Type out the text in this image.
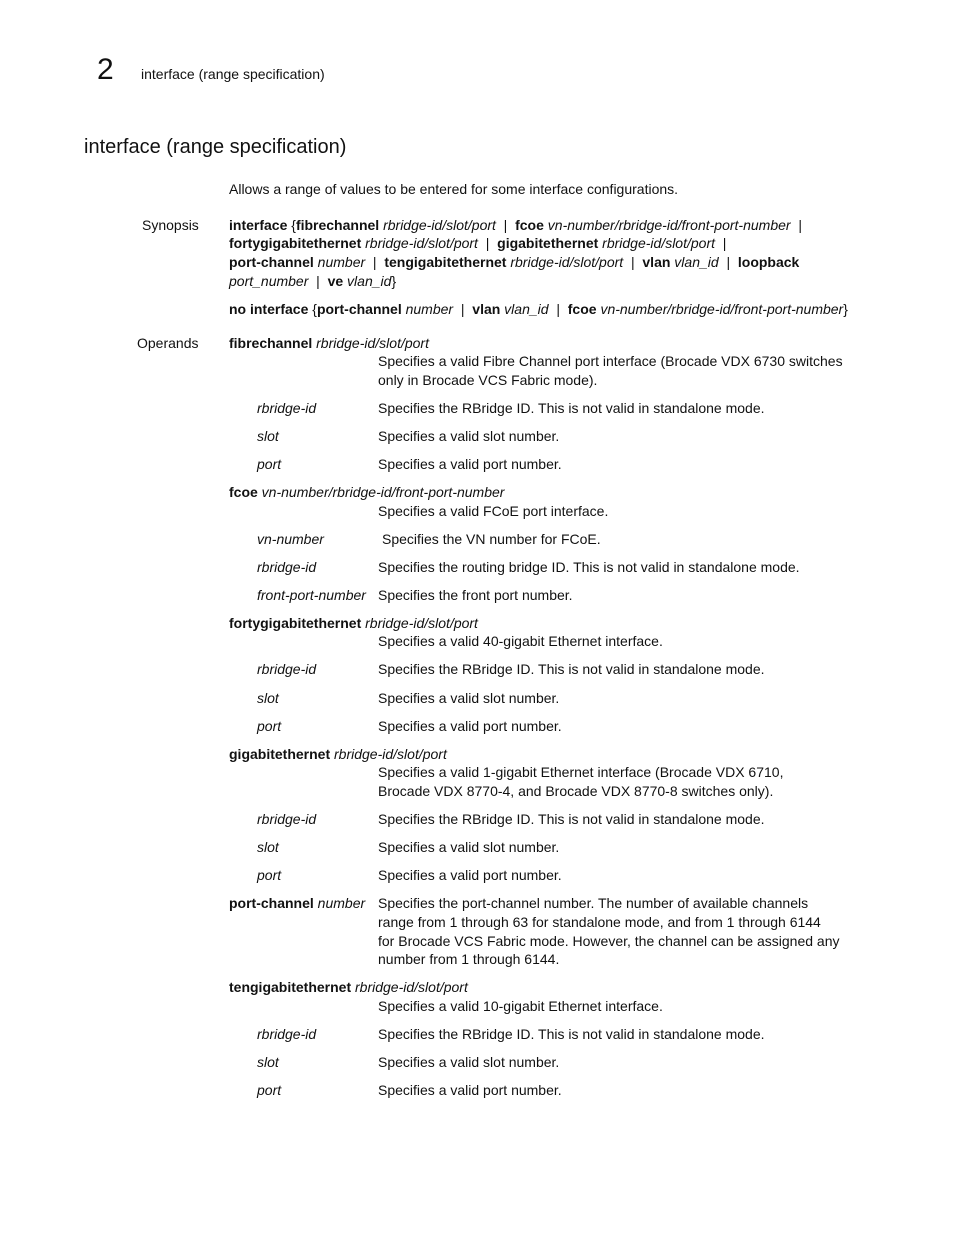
2 interface (range specification)
interface (range specification)
Allows a range of values to be entered for some interface configurations.
Synopsis interface {fibrechannel rbridge-id/slot/port  |  fcoe vn-number/rbridge-id/front-port-number  |
fortygigabitethernet rbridge-id/slot/port  |  gigabitethernet rbridge-id/slot/port  |
port-channel number  |  tengigabitethernet rbridge-id/slot/port  |  vlan vlan_id  |  loopback
port_number  |  ve vlan_id}
no interface {port-channel number  |  vlan vlan_id  |  fcoe vn-number/rbridge-id/front-port-number}
Operands fibrechannel rbridge-id/slot/port
Specifies a valid Fibre Channel port interface (Brocade VDX 6730 switches
only in Brocade VCS Fabric mode).
rbridge-id	Specifies the RBridge ID. This is not valid in standalone mode.
slot	Specifies a valid slot number.
port	Specifies a valid port number.
fcoe vn-number/rbridge-id/front-port-number
Specifies a valid FCoE port interface.
vn-number	Specifies the VN number for FCoE.
rbridge-id	Specifies the routing bridge ID. This is not valid in standalone mode.
front-port-number Specifies the front port number.
fortygigabitethernet rbridge-id/slot/port
Specifies a valid 40-gigabit Ethernet interface.
rbridge-id	Specifies the RBridge ID. This is not valid in standalone mode.
slot	Specifies a valid slot number.
port	Specifies a valid port number.
gigabitethernet rbridge-id/slot/port
Specifies a valid 1-gigabit Ethernet interface (Brocade VDX 6710,
Brocade VDX 8770-4, and Brocade VDX 8770-8 switches only).
rbridge-id	Specifies the RBridge ID. This is not valid in standalone mode.
slot	Specifies a valid slot number.
port	Specifies a valid port number.
port-channel number Specifies the port-channel number. The number of available channels
range from 1 through 63 for standalone mode, and from 1 through 6144
for Brocade VCS Fabric mode. However, the channel can be assigned any
number from 1 through 6144.
tengigabitethernet rbridge-id/slot/port
Specifies a valid 10-gigabit Ethernet interface.
rbridge-id	Specifies the RBridge ID. This is not valid in standalone mode.
slot	Specifies a valid slot number.
port	Specifies a valid port number.
